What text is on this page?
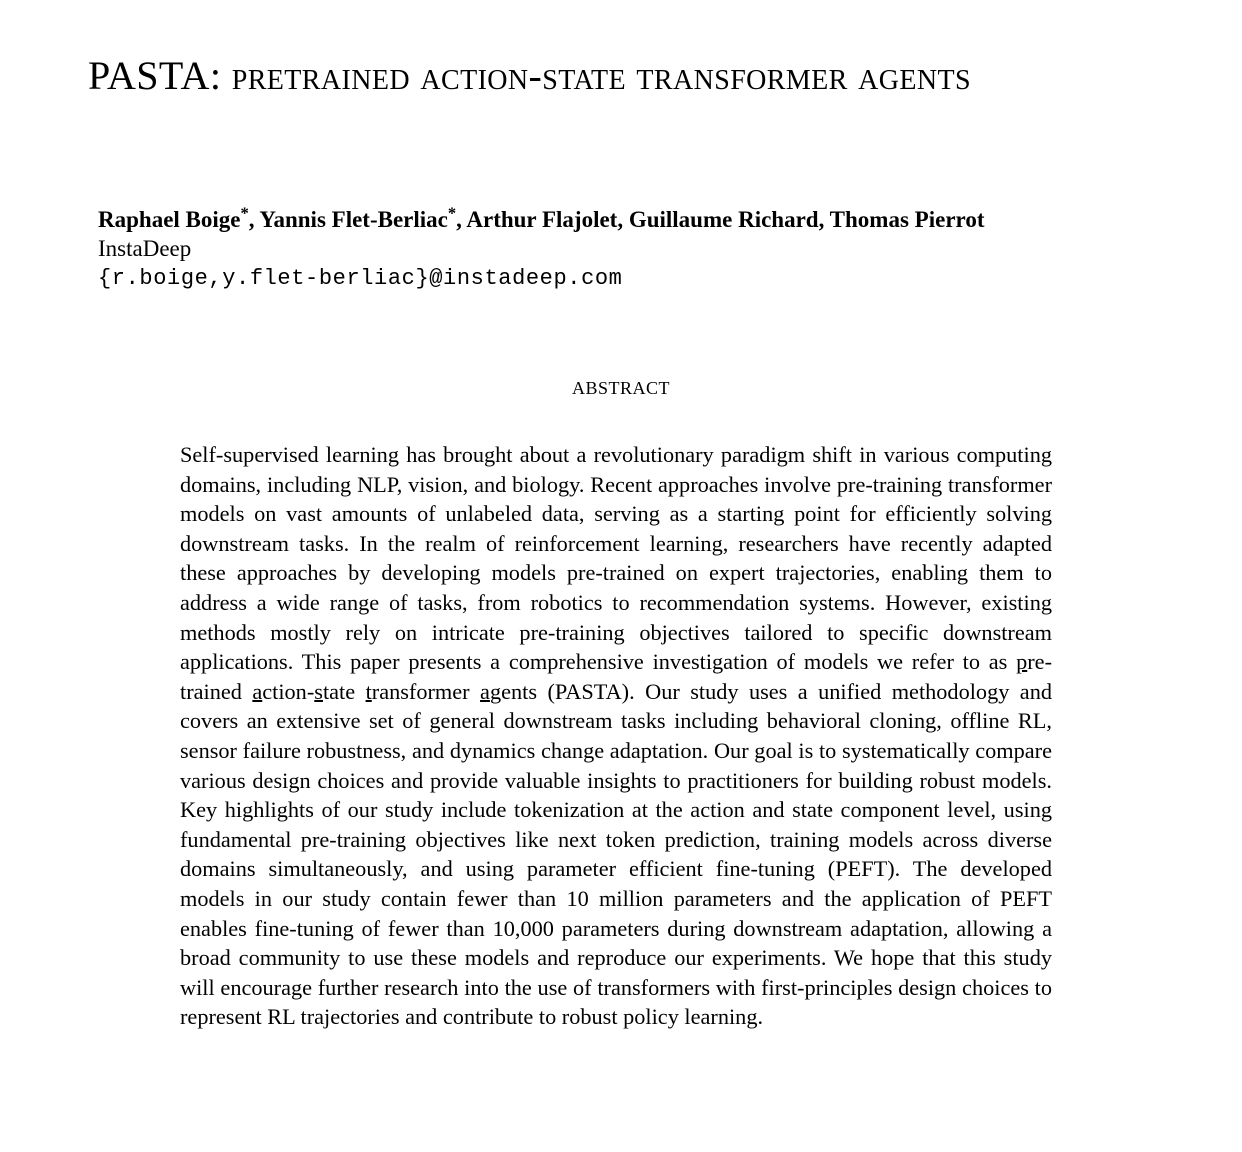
PASTA: pretrained action-state transformer agents

Raphael Boige*, Yannis Flet-Berliac*, Arthur Flajolet, Guillaume Richard, Thomas Pierrot

InstaDeep

{r.boige,y.flet-berliac}@instadeep.com

abstract

Self-supervised learning has brought about a revolutionary paradigm shift in various computing domains, including NLP, vision, and biology. Recent approaches involve pre-training transformer models on vast amounts of unlabeled data, serving as a starting point for efficiently solving downstream tasks. In the realm of reinforcement learning, researchers have recently adapted these approaches by developing models pre-trained on expert trajectories, enabling them to address a wide range of tasks, from robotics to recommendation systems. However, existing methods mostly rely on intricate pre-training objectives tailored to specific downstream applications. This paper presents a comprehensive investigation of models we refer to as pre-trained action-state transformer agents (PASTA). Our study uses a unified methodology and covers an extensive set of general downstream tasks including behavioral cloning, offline RL, sensor failure robustness, and dynamics change adaptation. Our goal is to systematically compare various design choices and provide valuable insights to practitioners for building robust models. Key highlights of our study include tokenization at the action and state component level, using fundamental pre-training objectives like next token prediction, training models across diverse domains simultaneously, and using parameter efficient fine-tuning (PEFT). The developed models in our study contain fewer than 10 million parameters and the application of PEFT enables fine-tuning of fewer than 10,000 parameters during downstream adaptation, allowing a broad community to use these models and reproduce our experiments. We hope that this study will encourage further research into the use of transformers with first-principles design choices to represent RL trajectories and contribute to robust policy learning.
